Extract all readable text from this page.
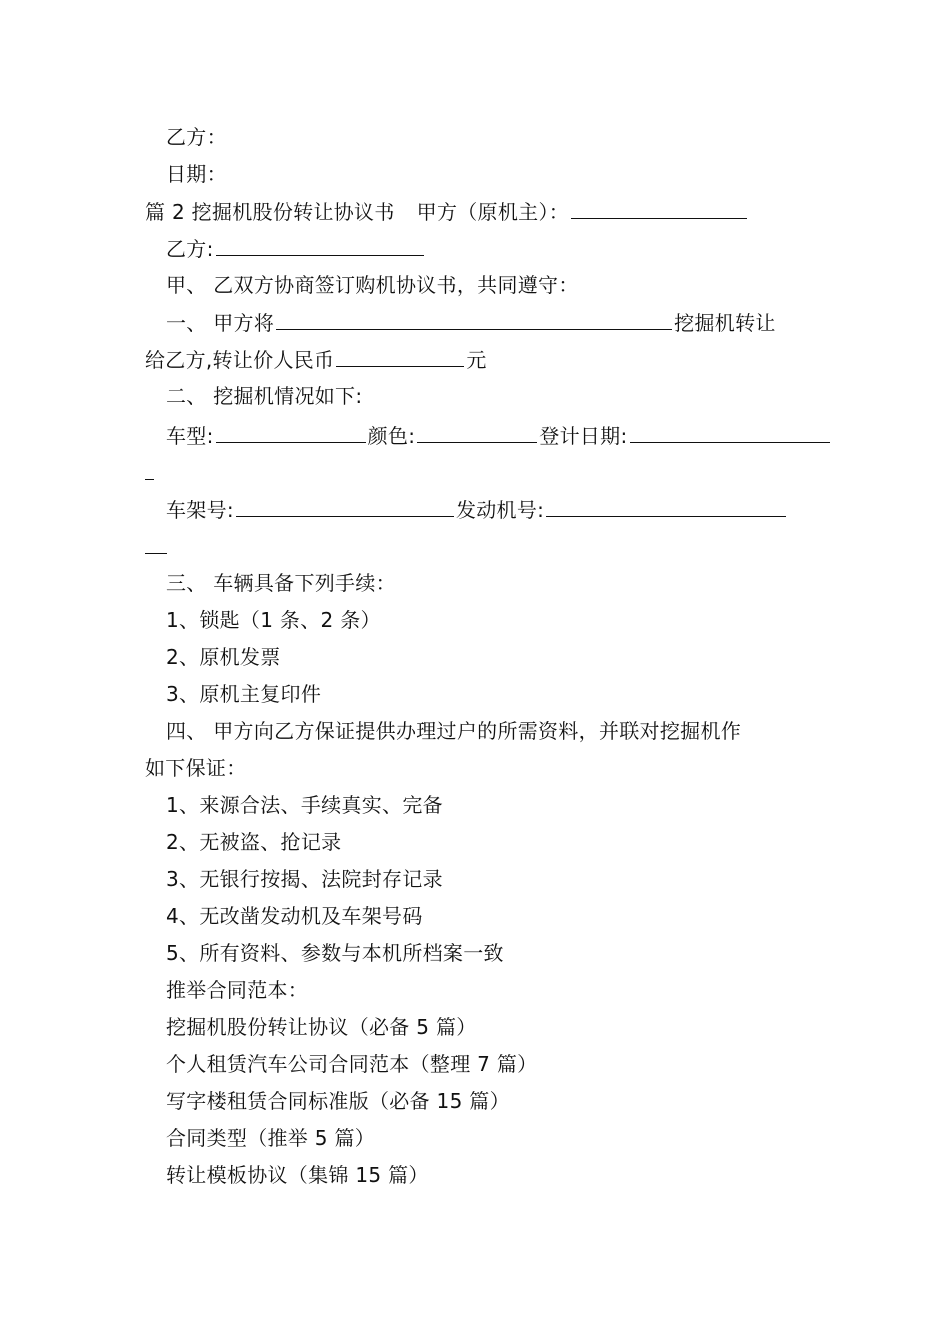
乙方：
日期：
篇 2 挖掘机股份转让协议书 甲方（原机主）：
乙方:
甲、 乙双方协商签订购机协议书，共同遵守：
一、 甲方将	挖掘机转让
给乙方,转让价人民币	元
二、 挖掘机情况如下:
车型:	颜色:	登计日期:
车架号:	发动机号:
三、 车辆具备下列手续：
1、锁匙（1 条、2 条）
2、原机发票
3、原机主复印件
四、 甲方向乙方保证提供办理过户的所需资料，并联对挖掘机作
如下保证：
1、来源合法、手续真实、完备
2、无被盗、抢记录
3、无银行按揭、法院封存记录
4、无改凿发动机及车架号码
5、所有资料、参数与本机所档案一致
推举合同范本：
挖掘机股份转让协议（必备 5 篇）
个人租赁汽车公司合同范本（整理 7 篇）
写字楼租赁合同标准版（必备 15 篇）
合同类型（推举 5 篇）
转让模板协议（集锦 15 篇）
